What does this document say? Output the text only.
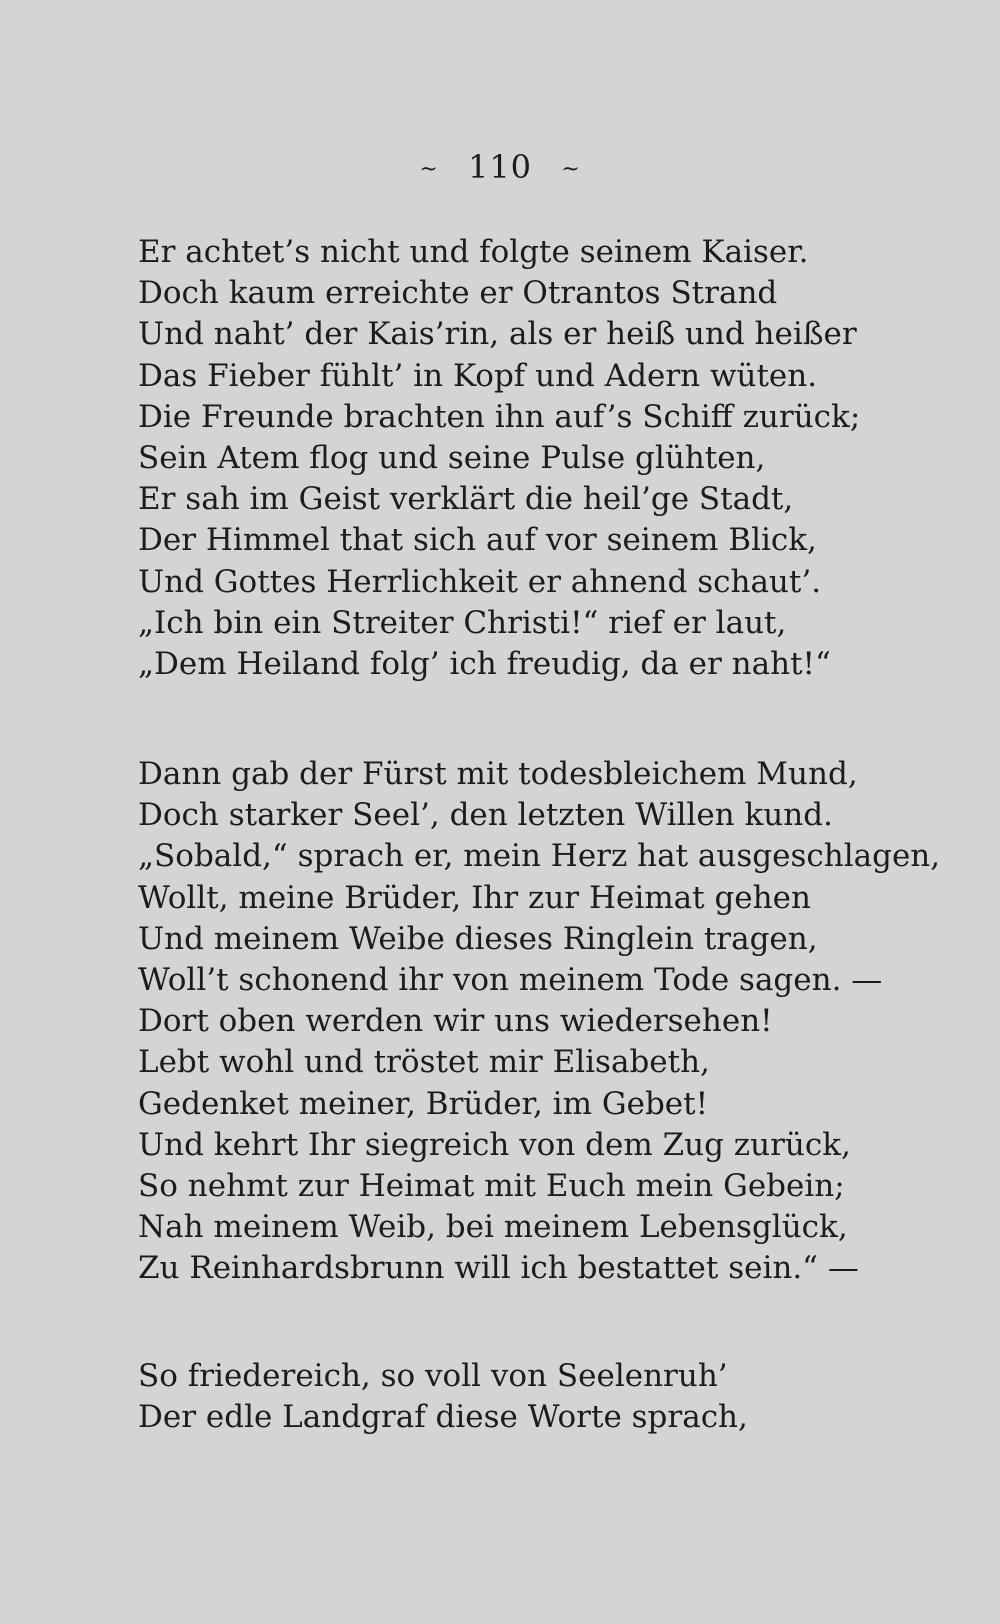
~ 110 ~
Er achtet’s nicht und folgte seinem Kaiser.
Doch kaum erreichte er Otrantos Strand
Und naht’ der Kais’rin, als er heiß und heißer
Das Fieber fühlt’ in Kopf und Adern wüten.
Die Freunde brachten ihn auf’s Schiff zurück;
Sein Atem flog und seine Pulse glühten,
Er sah im Geist verklärt die heil’ge Stadt,
Der Himmel that sich auf vor seinem Blick,
Und Gottes Herrlichkeit er ahnend schaut’.
„Ich bin ein Streiter Christi!“ rief er laut,
„Dem Heiland folg’ ich freudig, da er naht!“
Dann gab der Fürst mit todesbleichem Mund,
Doch starker Seel’, den letzten Willen kund.
„Sobald,“ sprach er, mein Herz hat ausgeschlagen,
Wollt, meine Brüder, Ihr zur Heimat gehen
Und meinem Weibe dieses Ringlein tragen,
Woll’t schonend ihr von meinem Tode sagen. —
Dort oben werden wir uns wiedersehen!
Lebt wohl und tröstet mir Elisabeth,
Gedenket meiner, Brüder, im Gebet!
Und kehrt Ihr siegreich von dem Zug zurück,
So nehmt zur Heimat mit Euch mein Gebein;
Nah meinem Weib, bei meinem Lebensglück,
Zu Reinhardsbrunn will ich bestattet sein.“ —
So friedereich, so voll von Seelenruh’
Der edle Landgraf diese Worte sprach,
